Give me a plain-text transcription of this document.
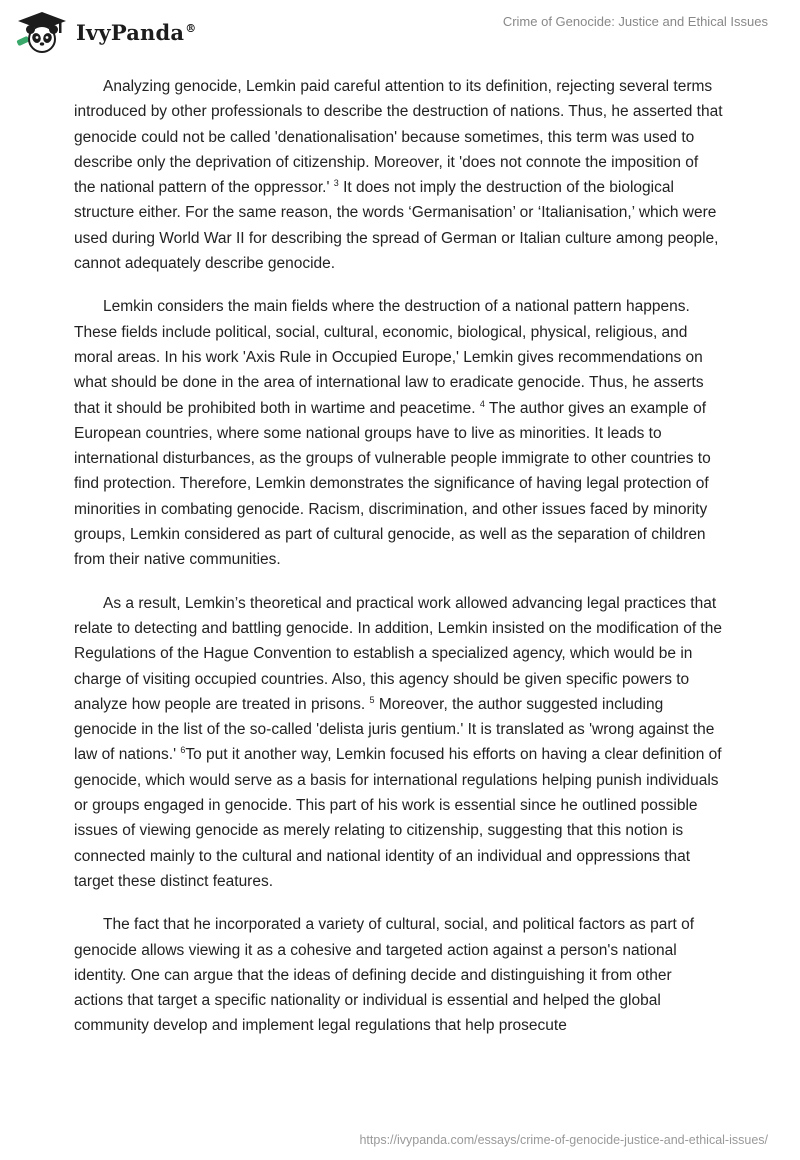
IvyPanda®	Crime of Genocide: Justice and Ethical Issues

Analyzing genocide, Lemkin paid careful attention to its definition, rejecting several terms introduced by other professionals to describe the destruction of nations. Thus, he asserted that genocide could not be called 'denationalisation' because sometimes, this term was used to describe only the deprivation of citizenship. Moreover, it 'does not connote the imposition of the national pattern of the oppressor.' $^3$ It does not imply the destruction of the biological structure either. For the same reason, the words ‘Germanisation’ or ‘Italianisation,’ which were used during World War II for describing the spread of German or Italian culture among people, cannot adequately describe genocide.

Lemkin considers the main fields where the destruction of a national pattern happens. These fields include political, social, cultural, economic, biological, physical, religious, and moral areas. In his work 'Axis Rule in Occupied Europe,' Lemkin gives recommendations on what should be done in the area of international law to eradicate genocide. Thus, he asserts that it should be prohibited both in wartime and peacetime. $^4$ The author gives an example of European countries, where some national groups have to live as minorities. It leads to international disturbances, as the groups of vulnerable people immigrate to other countries to find protection. Therefore, Lemkin demonstrates the significance of having legal protection of minorities in combating genocide. Racism, discrimination, and other issues faced by minority groups, Lemkin considered as part of cultural genocide, as well as the separation of children from their native communities.

As a result, Lemkin’s theoretical and practical work allowed advancing legal practices that relate to detecting and battling genocide. In addition, Lemkin insisted on the modification of the Regulations of the Hague Convention to establish a specialized agency, which would be in charge of visiting occupied countries. Also, this agency should be given specific powers to analyze how people are treated in prisons. $^5$ Moreover, the author suggested including genocide in the list of the so-called 'delista juris gentium.' It is translated as 'wrong against the law of nations.' $^6$To put it another way, Lemkin focused his efforts on having a clear definition of genocide, which would serve as a basis for international regulations helping punish individuals or groups engaged in genocide. This part of his work is essential since he outlined possible issues of viewing genocide as merely relating to citizenship, suggesting that this notion is connected mainly to the cultural and national identity of an individual and oppressions that target these distinct features.

The fact that he incorporated a variety of cultural, social, and political factors as part of genocide allows viewing it as a cohesive and targeted action against a person's national identity. One can argue that the ideas of defining decide and distinguishing it from other actions that target a specific nationality or individual is essential and helped the global community develop and implement legal regulations that help prosecute

https://ivypanda.com/essays/crime-of-genocide-justice-and-ethical-issues/
